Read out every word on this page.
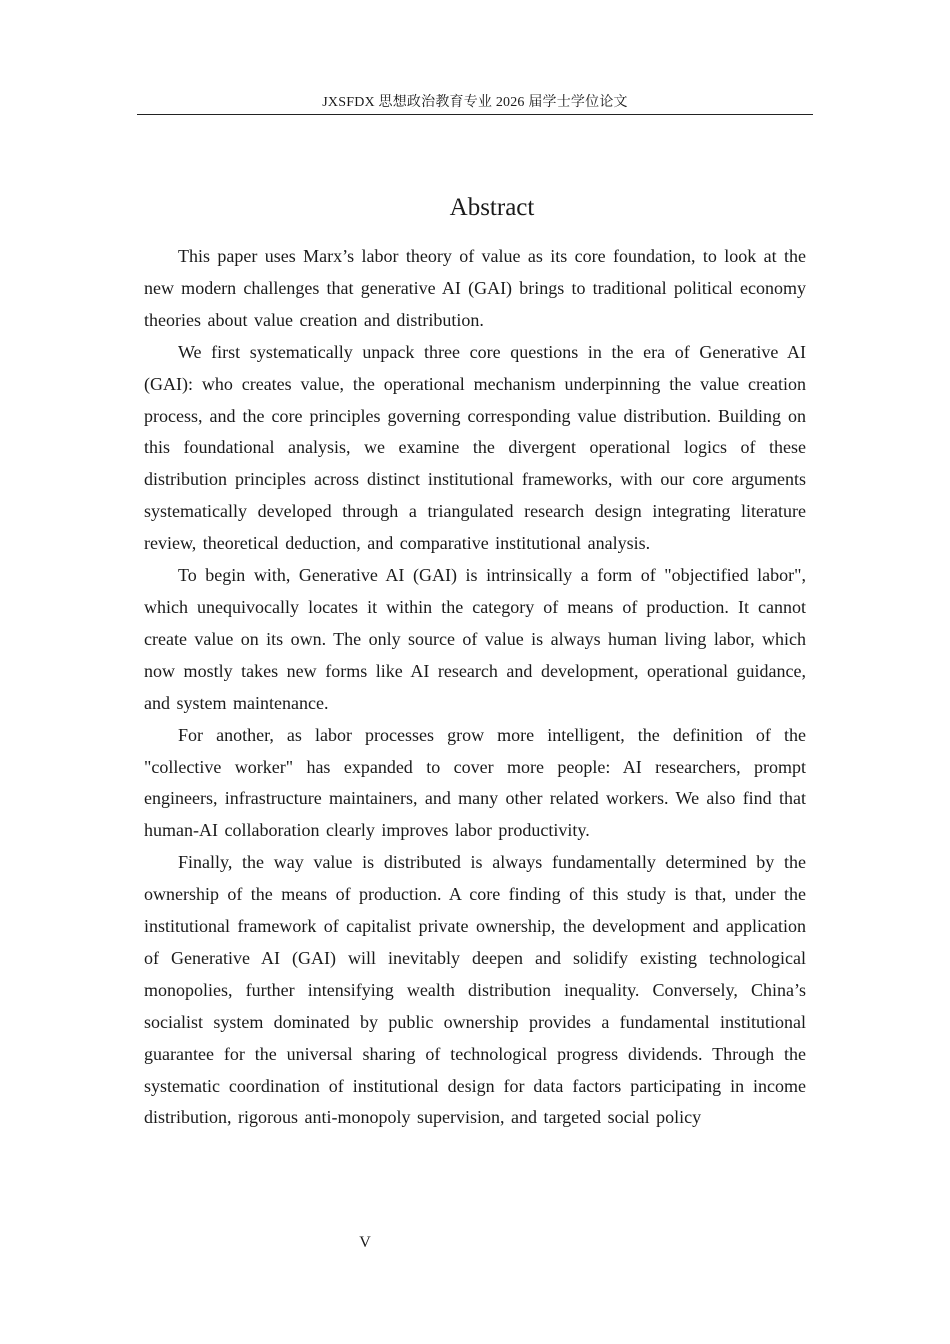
JXSFDX 思想政治教育专业 2026 届学士学位论文
Abstract

This paper uses Marx’s labor theory of value as its core foundation, to look at the new modern challenges that generative AI (GAI) brings to traditional political economy theories about value creation and distribution.

We first systematically unpack three core questions in the era of Generative AI (GAI): who creates value, the operational mechanism underpinning the value creation process, and the core principles governing corresponding value distribution. Building on this foundational analysis, we examine the divergent operational logics of these distribution principles across distinct institutional frameworks, with our core arguments systematically developed through a triangulated research design integrating literature review, theoretical deduction, and comparative institutional analysis.

To begin with, Generative AI (GAI) is intrinsically a form of "objectified labor", which unequivocally locates it within the category of means of production. It cannot create value on its own. The only source of value is always human living labor, which now mostly takes new forms like AI research and development, operational guidance, and system maintenance.

For another, as labor processes grow more intelligent, the definition of the "collective worker" has expanded to cover more people: AI researchers, prompt engineers, infrastructure maintainers, and many other related workers. We also find that human-AI collaboration clearly improves labor productivity.

Finally, the way value is distributed is always fundamentally determined by the ownership of the means of production. A core finding of this study is that, under the institutional framework of capitalist private ownership, the development and application of Generative AI (GAI) will inevitably deepen and solidify existing technological monopolies, further intensifying wealth distribution inequality. Conversely, China’s socialist system dominated by public ownership provides a fundamental institutional guarantee for the universal sharing of technological progress dividends. Through the systematic coordination of institutional design for data factors participating in income distribution, rigorous anti-monopoly supervision, and targeted social policy

V
